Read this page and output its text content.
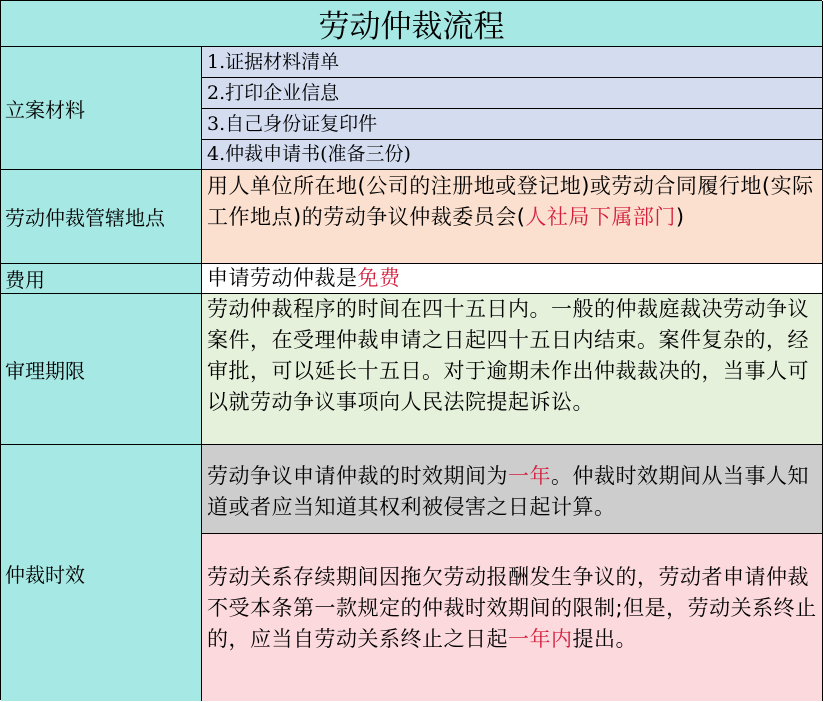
劳动仲裁流程
立案材料
1.证据材料清单
2.打印企业信息
3.自己身份证复印件
4.仲裁申请书(准备三份)
劳动仲裁管辖地点
用人单位所在地(公司的注册地或登记地)或劳动合同履行地(实际工作地点)的劳动争议仲裁委员会(人社局下属部门)
费用	申请劳动仲裁是免费
审理期限
劳动仲裁程序的时间在四十五日内。一般的仲裁庭裁决劳动争议案件，在受理仲裁申请之日起四十五日内结束。案件复杂的，经审批，可以延长十五日。对于逾期未作出仲裁裁决的，当事人可以就劳动争议事项向人民法院提起诉讼。
仲裁时效
劳动争议申请仲裁的时效期间为一年。仲裁时效期间从当事人知道或者应当知道其权利被侵害之日起计算。
劳动关系存续期间因拖欠劳动报酬发生争议的，劳动者申请仲裁不受本条第一款规定的仲裁时效期间的限制;但是，劳动关系终止的，应当自劳动关系终止之日起一年内提出。
